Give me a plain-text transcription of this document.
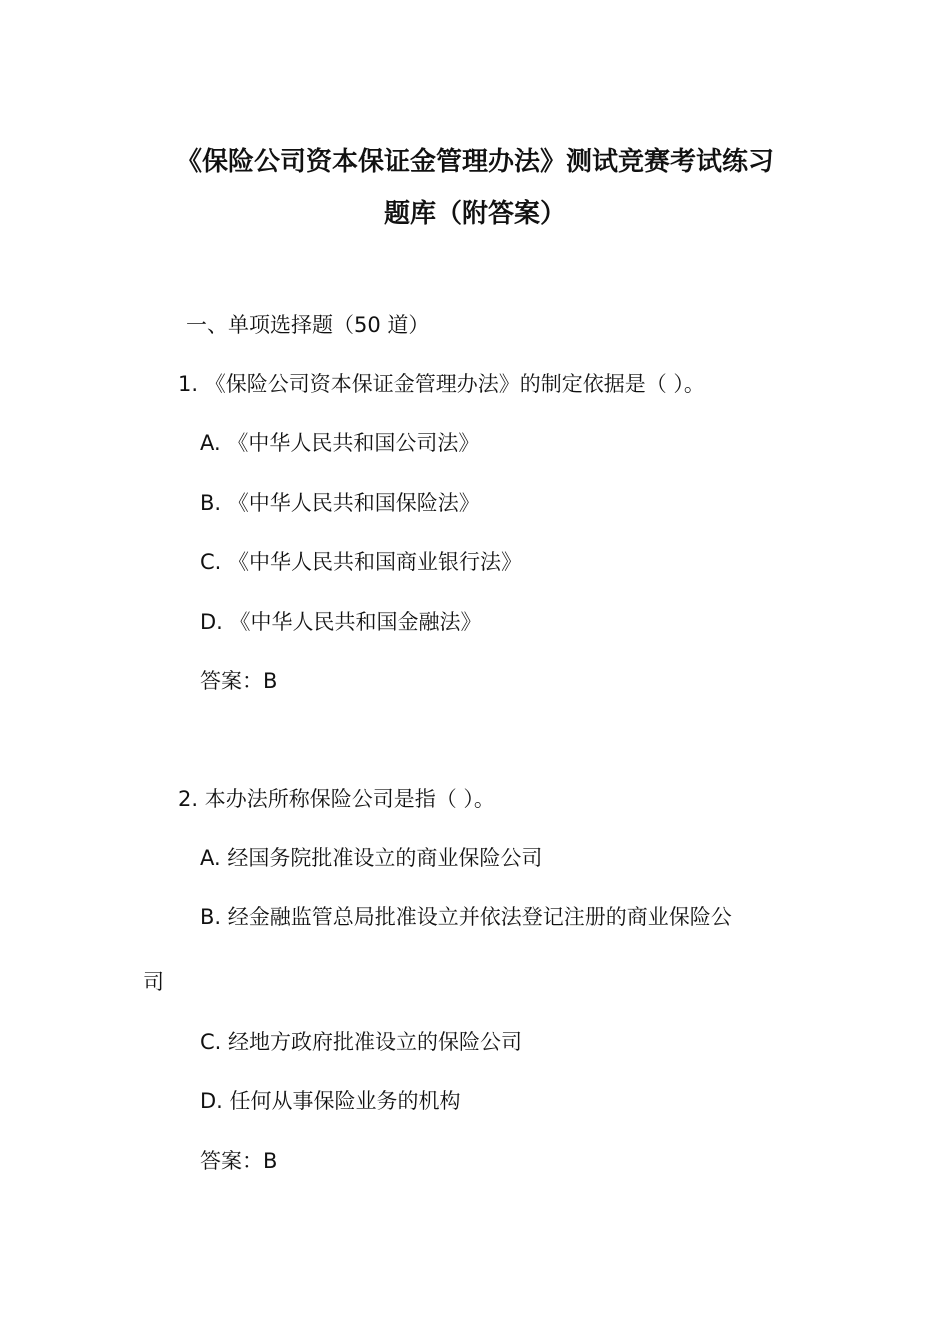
《保险公司资本保证金管理办法》测试竞赛考试练习
题库（附答案）
一、单项选择题（50 道）
1. 《保险公司资本保证金管理办法》的制定依据是（ ）。
A. 《中华人民共和国公司法》
B. 《中华人民共和国保险法》
C. 《中华人民共和国商业银行法》
D. 《中华人民共和国金融法》
答案：B
2. 本办法所称保险公司是指（ ）。
A. 经国务院批准设立的商业保险公司
B. 经金融监管总局批准设立并依法登记注册的商业保险公
司
C. 经地方政府批准设立的保险公司
D. 任何从事保险业务的机构
答案：B
